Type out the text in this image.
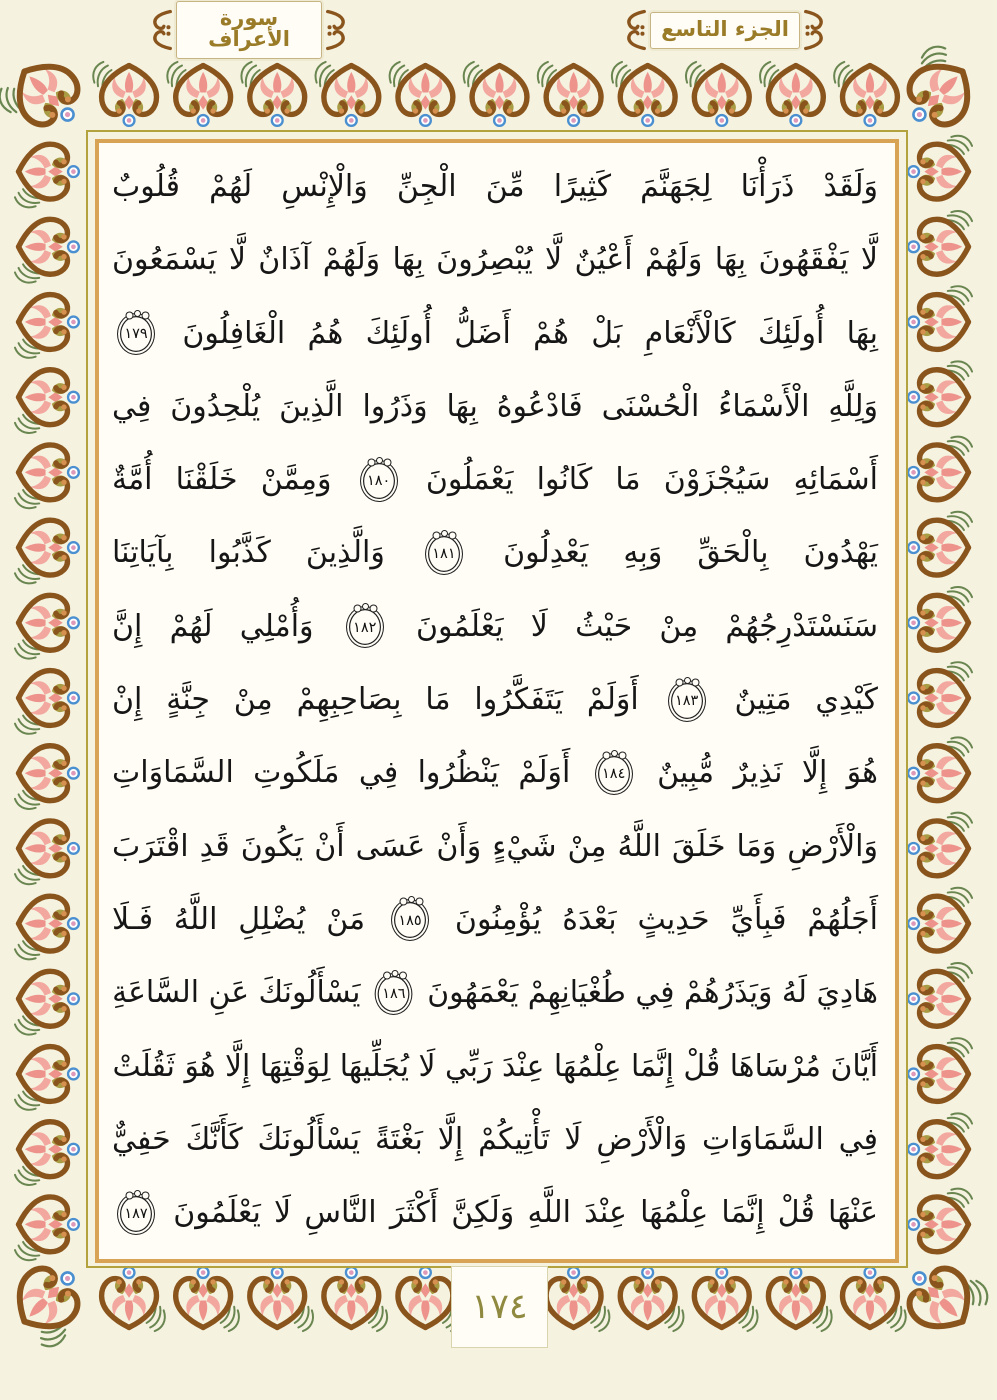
سورة الأعراف	الجزء التاسع
وَلَقَدْ ذَرَأْنَا لِجَهَنَّمَ كَثِيرًا مِّنَ الْجِنِّ وَالْإِنْسِ لَهُمْ قُلُوبٌ
لَّا يَفْقَهُونَ بِهَا وَلَهُمْ أَعْيُنٌ لَّا يُبْصِرُونَ بِهَا وَلَهُمْ آذَانٌ لَّا يَسْمَعُونَ
بِهَا أُولَئِكَ كَالْأَنْعَامِ بَلْ هُمْ أَضَلُّ أُولَئِكَ هُمُ الْغَافِلُونَ
١٧٩
وَلِلَّهِ الْأَسْمَاءُ الْحُسْنَى فَادْعُوهُ بِهَا وَذَرُوا الَّذِينَ يُلْحِدُونَ فِي
أَسْمَائِهِ سَيُجْزَوْنَ مَا كَانُوا يَعْمَلُونَ
١٨٠
وَمِمَّنْ خَلَقْنَا أُمَّةٌ
يَهْدُونَ بِالْحَقِّ وَبِهِ يَعْدِلُونَ
١٨١
وَالَّذِينَ كَذَّبُوا بِآيَاتِنَا
سَنَسْتَدْرِجُهُمْ مِنْ حَيْثُ لَا يَعْلَمُونَ
١٨٢
وَأُمْلِي لَهُمْ إِنَّ
كَيْدِي مَتِينٌ
١٨٣
أَوَلَمْ يَتَفَكَّرُوا مَا بِصَاحِبِهِمْ مِنْ جِنَّةٍ إِنْ
هُوَ إِلَّا نَذِيرٌ مُّبِينٌ
١٨٤
أَوَلَمْ يَنْظُرُوا فِي مَلَكُوتِ السَّمَاوَاتِ
وَالْأَرْضِ وَمَا خَلَقَ اللَّهُ مِنْ شَيْءٍ وَأَنْ عَسَى أَنْ يَكُونَ قَدِ اقْتَرَبَ
أَجَلُهُمْ فَبِأَيِّ حَدِيثٍ بَعْدَهُ يُؤْمِنُونَ
١٨٥
مَنْ يُضْلِلِ اللَّهُ فَـلَا
هَادِيَ لَهُ وَيَذَرُهُمْ فِي طُغْيَانِهِمْ يَعْمَهُونَ
١٨٦
يَسْأَلُونَكَ عَنِ السَّاعَةِ
أَيَّانَ مُرْسَاهَا قُلْ إِنَّمَا عِلْمُهَا عِنْدَ رَبِّي لَا يُجَلِّيهَا لِوَقْتِهَا إِلَّا هُوَ ثَقُلَتْ
فِي السَّمَاوَاتِ وَالْأَرْضِ لَا تَأْتِيكُمْ إِلَّا بَغْتَةً يَسْأَلُونَكَ كَأَنَّكَ حَفِيٌّ
عَنْهَا قُلْ إِنَّمَا عِلْمُهَا عِنْدَ اللَّهِ وَلَكِنَّ أَكْثَرَ النَّاسِ لَا يَعْلَمُونَ
١٨٧
١٧٤
